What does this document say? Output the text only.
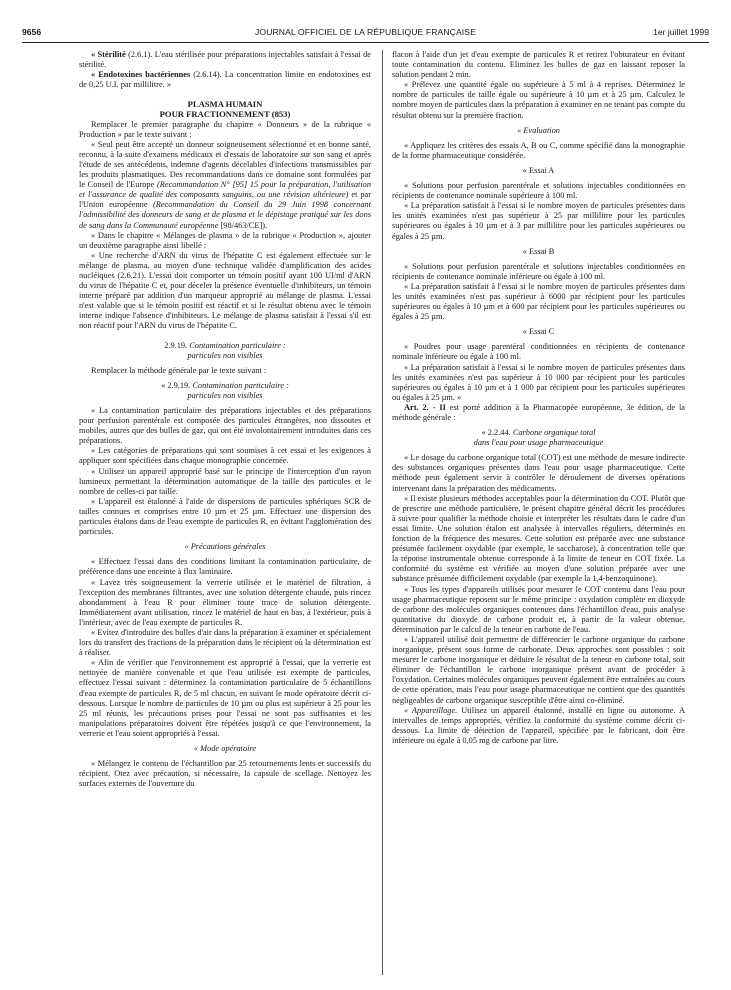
9656	JOURNAL OFFICIEL DE LA RÉPUBLIQUE FRANÇAISE	1er juillet 1999

« Stérilité (2.6.1). L'eau stérilisée pour préparations injectables satisfait à l'essai de stérilité.

« Endotoxines bactériennes (2.6.14). La concentration limite en endotoxines est de 0,25 U.I. par millilitre. »

PLASMA HUMAIN

POUR FRACTIONNEMENT (853)

Remplacer le premier paragraphe du chapitre « Donneurs » de la rubrique « Production » par le texte suivant :

« Seul peut être accepté un donneur soigneusement sélectionné et en bonne santé, reconnu, à la suite d'examens médicaux et d'essais de laboratoire sur son sang et après l'étude de ses antécédents, indemne d'agents décelables d'infections transmissibles par les produits plasmatiques. Des recommandations dans ce domaine sont formulées par le Conseil de l'Europe (Recommandation N° [95] 15 pour la préparation, l'utilisation et l'assurance de qualité des composants sanguins, ou une révision ultérieure) et par l'Union européenne (Recommandation du Conseil du 29 Juin 1998 concernant l'admissibilité des donneurs de sang et de plasma et le dépistage pratiqué sur les dons de sang dans la Communauté européenne [98/463/CE]).

« Dans le chapitre « Mélanges de plasma » de la rubrique « Production », ajouter un deuxième paragraphe ainsi libellé :

« Une recherche d'ARN du virus de l'hépatite C est également effectuée sur le mélange de plasma, au moyen d'une technique validée d'amplification des acides nucléiques (2.6.21). L'essai doit comporter un témoin positif ayant 100 UI/ml d'ARN du virus de l'hépatite C et, pour déceler la présence éventuelle d'inhibiteurs, un témoin interne préparé par addition d'un marqueur approprié au mélange de plasma. L'essai n'est valable que si le témoin positif est réactif et si le résultat obtenu avec le témoin interne indique l'absence d'inhibiteurs. Le mélange de plasma satisfait à l'essai s'il est non réactif pour l'ARN du virus de l'hépatite C.

2.9.19. Contamination particulaire :

particules non visibles

Remplacer la méthode générale par le texte suivant :

« 2.9.19. Contamination particulaire :

particules non visibles

« La contamination particulaire des préparations injectables et des préparations pour perfusion parentérale est composée des particules étrangères, non dissoutes et mobiles, autres que des bulles de gaz, qui ont été involontairement introduites dans ces préparations.

« Les catégories de préparations qui sont soumises à cet essai et les exigences à appliquer sont spécifiées dans chaque monographie concernée.

« Utilisez un appareil approprié basé sur le principe de l'interception d'un rayon lumineux permettant la détermination automatique de la taille des particules et le nombre de celles-ci par taille.

« L'appareil est étalonné à l'aide de dispersions de particules sphériques SCR de tailles connues et comprises entre 10 µm et 25 µm. Effectuez une dispersion des particules étalons dans de l'eau exempte de particules R, en évitant l'agglomération des particules.

« Précautions générales

« Effectuez l'essai dans des conditions limitant la contamination particulaire, de préférence dans une enceinte à flux laminaire.

« Lavez très soigneusement la verrerie utilisée et le matériel de filtration, à l'exception des membranes filtrantes, avec une solution détergente chaude, puis rincez abondamment à l'eau R pour éliminer toute trace de solution détergente. Immédiatement avant utilisation, rincez le matériel de haut en bas, à l'extérieur, puis à l'intérieur, avec de l'eau exempte de particules R.

« Evitez d'introduire des bulles d'air dans la préparation à examiner et spécialement lors du transfert des fractions de la préparation dans le récipient où la détermination est à réaliser.

« Afin de vérifier que l'environnement est approprié à l'essai, que la verrerie est nettoyée de manière convenable et que l'eau utilisée est exempte de particules, effectuez l'essai suivant : déterminez la contamination particulaire de 5 échantillons d'eau exempte de particules R, de 5 ml chacun, en suivant le mode opératoire décrit ci-dessous. Lorsque le nombre de particules de 10 µm ou plus est supérieur à 25 pour les 25 ml réunis, les précautions prises pour l'essai ne sont pas suffisantes et les manipulations préparatoires doivent être répétées jusqu'à ce que l'environnement, la verrerie et l'eau soient appropriés à l'essai.

« Mode opératoire

« Mélangez le contenu de l'échantillon par 25 retournements lents et successifs du récipient. Otez avec précaution, si nécessaire, la capsule de scellage. Nettoyez les surfaces externes de l'ouverture du

flacon à l'aide d'un jet d'eau exempte de particules R et retirez l'obturateur en évitant toute contamination du contenu. Eliminez les bulles de gaz en laissant reposer la solution pendant 2 min.

« Prélevez une quantité égale ou supérieure à 5 ml à 4 reprises. Déterminez le nombre de particules de taille égale ou supérieure à 10 µm et à 25 µm. Calculez le nombre moyen de particules dans la préparation à examiner en ne tenant pas compte du résultat obtenu sur la première fraction.

« Evaluation

« Appliquez les critères des essais A, B ou C, comme spécifié dans la monographie de la forme pharmaceutique considérée.

« Essai A

« Solutions pour perfusion parentérale et solutions injectables conditionnées en récipients de contenance nominale supérieure à 100 ml.

« La préparation satisfait à l'essai si le nombre moyen de particules présentes dans les unités examinées n'est pas supérieur à 25 par millilitre pour les particules supérieures ou égales à 10 µm et à 3 par millilitre pour les particules supérieures ou égales à 25 µm.

« Essai B

« Solutions pour perfusion parentérale et solutions injectables conditionnées en récipients de contenance nominale inférieure ou égale à 100 ml.

« La préparation satisfait à l'essai si le nombre moyen de particules présentes dans les unités examinées n'est pas supérieur à 6000 par récipient pour les particules supérieures ou égales à 10 µm et à 600 par récipient pour les particules supérieures ou égales à 25 µm.

« Essai C

« Poudres pour usage parentéral conditionnées en récipients de contenance nominale inférieure ou égale à 100 ml.

« La préparation satisfait à l'essai si le nombre moyen de particules présentes dans les unités examinées n'est pas supérieur à 10 000 par récipient pour les particules supérieures ou égales à 10 µm et à 1 000 par récipient pour les particules supérieures ou égales à 25 µm. »

Art. 2. - II est porté addition à la Pharmacopée européenne, 3e édition, de la méthode générale :

« 2.2.44. Carbone organique total

dans l'eau pour usage pharmaceutique

« Le dosage du carbone organique total (COT) est une méthode de mesure indirecte des substances organiques présentes dans l'eau pour usage pharmaceutique. Cette méthode peut également servir à contrôler le déroulement de diverses opérations intervenant dans la préparation des médicaments.

« Il existe plusieurs méthodes acceptables pour la détermination du COT. Plutôt que de prescrire une méthode particulière, le présent chapitre général décrit les procédures à suivre pour qualifier la méthode choisie et interpréter les résultats dans le cadre d'un essai limite. Une solution étalon est analysée à intervalles réguliers, déterminés en fonction de la fréquence des mesures. Cette solution est préparée avec une substance présumée facilement oxydable (par exemple, le saccharose), à concentration telle que la réponse instrumentale obtenue corresponde à la limite de teneur en COT fixée. La conformité du système est vérifiée au moyen d'une solution préparée avec une substance présumée difficilement oxydable (par exemple la 1,4-benzoquinone).

« Tous les types d'appareils utilisés pour mesurer le COT contenu dans l'eau pour usage pharmaceutique reposent sur le même principe : oxydation complète en dioxyde de carbone des molécules organiques contenues dans l'échantillon d'eau, puis analyse quantitative du dioxyde de carbone produit et, à partir de la valeur obtenue, détermination par le calcul de la teneur en carbone de l'eau.

« L'appareil utilisé doit permettre de différencier le carbone organique du carbone inorganique, présent sous forme de carbonate. Deux approches sont possibles : soit mesurer le carbone inorganique et déduire le résultat de la teneur en carbone total, soit éliminer de l'échantillon le carbone inorganique présent avant de procéder à l'oxydation. Certaines molécules organiques peuvent également être entraînées au cours de cette opération, mais l'eau pour usage pharmaceutique ne contient que des quantités négligeables de carbone organique susceptible d'être ainsi co-éliminé.

« Appareillage. Utilisez un appareil étalonné, installé en ligne ou autonome. A intervalles de temps appropriés, vérifiez la conformité du système comme décrit ci-dessous. La limite de détection de l'appareil, spécifiée par le fabricant, doit être inférieure ou égale à 0,05 mg de carbone par litre.
